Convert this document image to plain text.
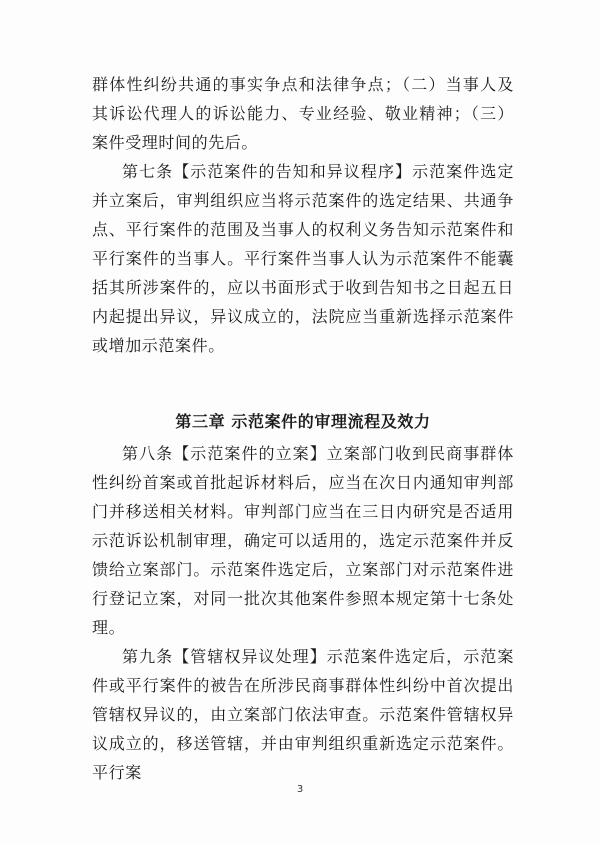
群体性纠纷共通的事实争点和法律争点；（二）当事人及其诉讼代理人的诉讼能力、专业经验、敬业精神；（三）案件受理时间的先后。

第七条【示范案件的告知和异议程序】示范案件选定并立案后，审判组织应当将示范案件的选定结果、共通争点、平行案件的范围及当事人的权利义务告知示范案件和平行案件的当事人。平行案件当事人认为示范案件不能囊括其所涉案件的，应以书面形式于收到告知书之日起五日内起提出异议，异议成立的，法院应当重新选择示范案件或增加示范案件。

第三章 示范案件的审理流程及效力

第八条【示范案件的立案】立案部门收到民商事群体性纠纷首案或首批起诉材料后，应当在次日内通知审判部门并移送相关材料。审判部门应当在三日内研究是否适用示范诉讼机制审理，确定可以适用的，选定示范案件并反馈给立案部门。示范案件选定后，立案部门对示范案件进行登记立案，对同一批次其他案件参照本规定第十七条处理。

第九条【管辖权异议处理】示范案件选定后，示范案件或平行案件的被告在所涉民商事群体性纠纷中首次提出管辖权异议的，由立案部门依法审查。示范案件管辖权异议成立的，移送管辖，并由审判组织重新选定示范案件。平行案

3
